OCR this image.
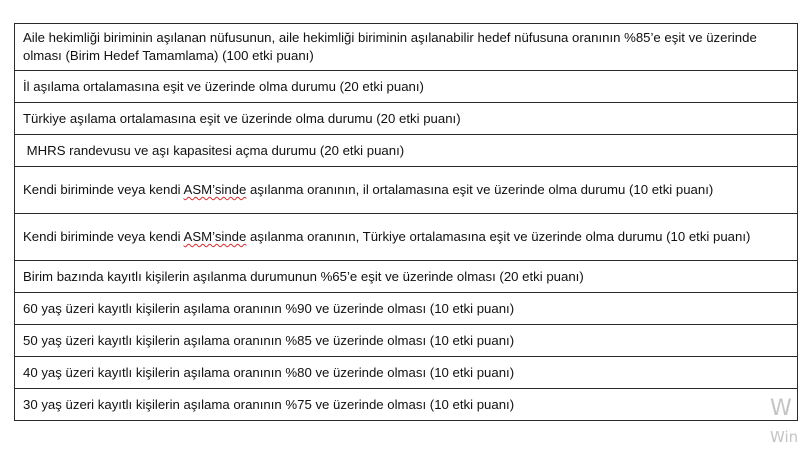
Aile hekimliği biriminin aşılanan nüfusunun, aile hekimliği biriminin aşılanabilir hedef nüfusuna oranının %85’e eşit ve üzerinde olması (Birim Hedef Tamamlama) (100 etki puanı)
İl aşılama ortalamasına eşit ve üzerinde olma durumu (20 etki puanı)
Türkiye aşılama ortalamasına eşit ve üzerinde olma durumu (20 etki puanı)
MHRS randevusu ve aşı kapasitesi açma durumu (20 etki puanı)
Kendi biriminde veya kendi ASM’sinde aşılanma oranının, il ortalamasına eşit ve üzerinde olma durumu (10 etki puanı)
Kendi biriminde veya kendi ASM’sinde aşılanma oranının, Türkiye ortalamasına eşit ve üzerinde olma durumu (10 etki puanı)
Birim bazında kayıtlı kişilerin aşılanma durumunun %65’e eşit ve üzerinde olması (20 etki puanı)
60 yaş üzeri kayıtlı kişilerin aşılama oranının %90 ve üzerinde olması (10 etki puanı)
50 yaş üzeri kayıtlı kişilerin aşılama oranının %85 ve üzerinde olması (10 etki puanı)
40 yaş üzeri kayıtlı kişilerin aşılama oranının %80 ve üzerinde olması (10 etki puanı)
30 yaş üzeri kayıtlı kişilerin aşılama oranının %75 ve üzerinde olması (10 etki puanı)	W
Win
